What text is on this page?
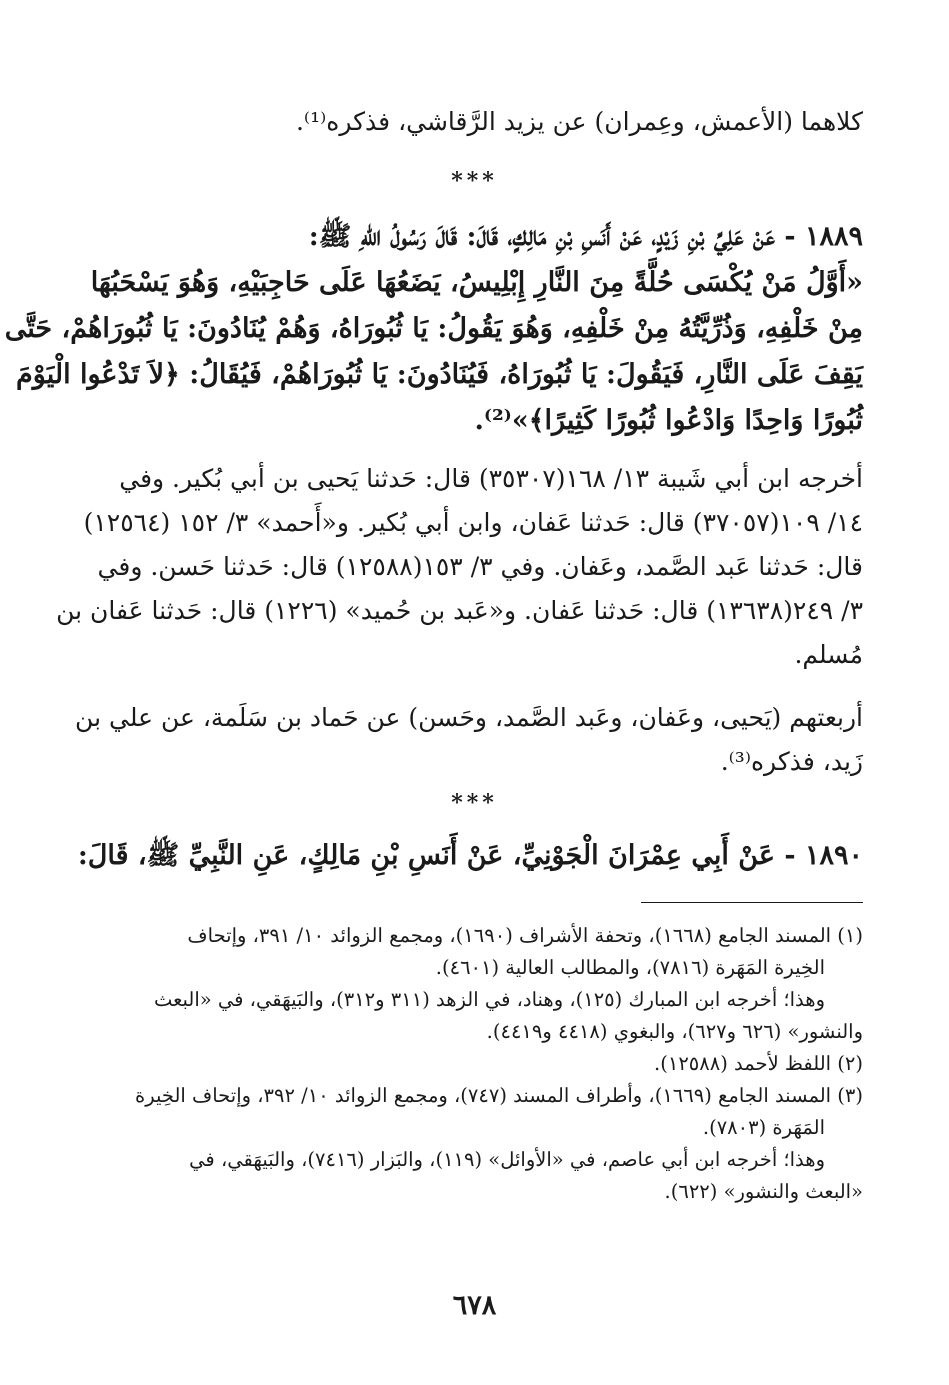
كلاهما (الأعمش، وعِمران) عن يزيد الرَّقاشي، فذكره⁽¹⁾.
***
١٨٨٩ - عَنْ عَلِيِّ بْنِ زَيْدٍ، عَنْ أَنَسِ بْنِ مَالِكٍ، قَالَ: قَالَ رَسُولُ اللهِ ﷺ:
«أَوَّلُ مَنْ يُكْسَى حُلَّةً مِنَ النَّارِ إِبْلِيسُ، يَضَعُهَا عَلَى حَاجِبَيْهِ، وَهُوَ يَسْحَبُهَا
مِنْ خَلْفِهِ، وَذُرِّيَّتُهُ مِنْ خَلْفِهِ، وَهُوَ يَقُولُ: يَا ثُبُورَاهُ، وَهُمْ يُنَادُونَ: يَا ثُبُورَاهُمْ، حَتَّى
يَقِفَ عَلَى النَّارِ، فَيَقُولَ: يَا ثُبُورَاهُ، فَيُنَادُونَ: يَا ثُبُورَاهُمْ، فَيُقَالُ: ﴿لاَ تَدْعُوا الْيَوْمَ
ثُبُورًا وَاحِدًا وَادْعُوا ثُبُورًا كَثِيرًا﴾»⁽²⁾.
أخرجه ابن أبي شَيبة ١٣/ ١٦٨(٣٥٣٠٧) قال: حَدثنا يَحيى بن أبي بُكير. وفي
١٤/ ١٠٩(٣٧٠٥٧) قال: حَدثنا عَفان، وابن أبي بُكير. و«أَحمد» ٣/ ١٥٢ (١٢٥٦٤)
قال: حَدثنا عَبد الصَّمد، وعَفان. وفي ٣/ ١٥٣(١٢٥٨٨) قال: حَدثنا حَسن. وفي
٣/ ٢٤٩(١٣٦٣٨) قال: حَدثنا عَفان. و«عَبد بن حُميد» (١٢٢٦) قال: حَدثنا عَفان بن
مُسلم.
أربعتهم (يَحيى، وعَفان، وعَبد الصَّمد، وحَسن) عن حَماد بن سَلَمة، عن علي بن
زَيد، فذكره⁽³⁾.
***
١٨٩٠ - عَنْ أَبِي عِمْرَانَ الْجَوْنِيِّ، عَنْ أَنَسِ بْنِ مَالِكٍ، عَنِ النَّبِيِّ ﷺ، قَالَ:
(١) المسند الجامع (١٦٦٨)، وتحفة الأشراف (١٦٩٠)، ومجمع الزوائد ١٠/ ٣٩١، وإتحاف
الخِيرة المَهَرة (٧٨١٦)، والمطالب العالية (٤٦٠١).
وهذا؛ أخرجه ابن المبارك (١٢٥)، وهناد، في الزهد (٣١١ و٣١٢)، والبَيهَقي، في «البعث
والنشور» (٦٢٦ و٦٢٧)، والبغوي (٤٤١٨ و٤٤١٩).
(٢) اللفظ لأحمد (١٢٥٨٨).
(٣) المسند الجامع (١٦٦٩)، وأطراف المسند (٧٤٧)، ومجمع الزوائد ١٠/ ٣٩٢، وإتحاف الخِيرة
المَهَرة (٧٨٠٣).
وهذا؛ أخرجه ابن أبي عاصم، في «الأوائل» (١١٩)، والبَزار (٧٤١٦)، والبَيهَقي، في
«البعث والنشور» (٦٢٢).
٦٧٨
